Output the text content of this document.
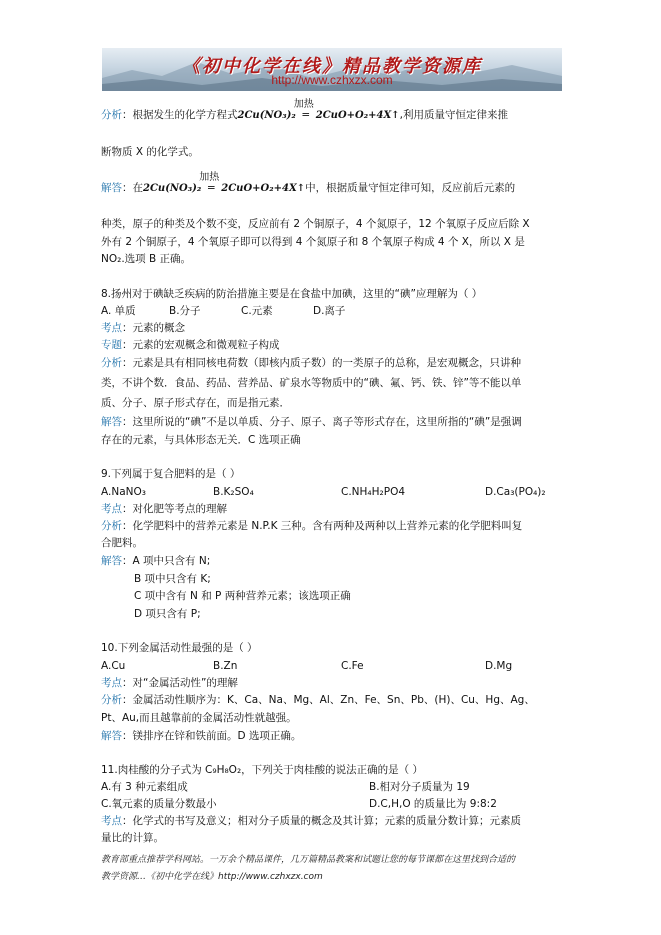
《初中化学在线》精品教学资源库
http://www.czhxzx.com
分析：根据发生的化学方程式2Cu(NO₃)₂
加热
= 2CuO+O₂+4X↑,利用质量守恒定律来推
断物质 X 的化学式。
解答：在2Cu(NO₃)₂
加热
= 2CuO+O₂+4X↑中，根据质量守恒定律可知，反应前后元素的
种类，原子的种类及个数不变，反应前有 2 个铜原子，4 个氮原子，12 个氧原子反应后除 X
外有 2 个铜原子，4 个氧原子即可以得到 4 个氮原子和 8 个氧原子构成 4 个 X，所以 X 是
NO₂.选项 B 正确。
8.扬州对于碘缺乏疾病的防治措施主要是在食盐中加碘，这里的“碘”应理解为（ ）
A. 单质	B.分子	C.元素	D.离子
考点：元素的概念
专题：元素的宏观概念和微观粒子构成
分析：元素是具有相同核电荷数（即核内质子数）的一类原子的总称，是宏观概念，只讲种
类，不讲个数．食品、药品、营养品、矿泉水等物质中的“碘、氟、钙、铁、锌”等不能以单
质、分子、原子形式存在，而是指元素．
解答：这里所说的“碘”不是以单质、分子、原子、离子等形式存在，这里所指的“碘”是强调
存在的元素，与具体形态无关．C 选项正确
9.下列属于复合肥料的是（ ）
A.NaNO₃	B.K₂SO₄	C.NH₄H₂PO4	D.Ca₃(PO₄)₂
考点：对化肥等考点的理解
分析：化学肥料中的营养元素是 N.P.K 三种。含有两种及两种以上营养元素的化学肥料叫复
合肥料。
解答：A 项中只含有 N;
B 项中只含有 K;
C 项中含有 N 和 P 两种营养元素；该选项正确
D 项只含有 P;
10.下列金属活动性最强的是（ ）
A.Cu	B.Zn	C.Fe	D.Mg
考点：对“金属活动性”的理解
分析：金属活动性顺序为：K、Ca、Na、Mg、Al、Zn、Fe、Sn、Pb、(H)、Cu、Hg、Ag、
Pt、Au,而且越靠前的金属活动性就越强。
解答：镁排序在锌和铁前面。D 选项正确。
11.肉桂酸的分子式为 C₉H₈O₂，下列关于肉桂酸的说法正确的是（ ）
A.有 3 种元素组成	B.相对分子质量为 19
C.氧元素的质量分数最小	D.C,H,O 的质量比为 9:8:2
考点：化学式的书写及意义；相对分子质量的概念及其计算；元素的质量分数计算；元素质
量比的计算。
教育部重点推荐学科网站。一万余个精品课件，几万篇精品教案和试题让您的每节课都在这里找到合适的
教学资源…《初中化学在线》http://www.czhxzx.com
